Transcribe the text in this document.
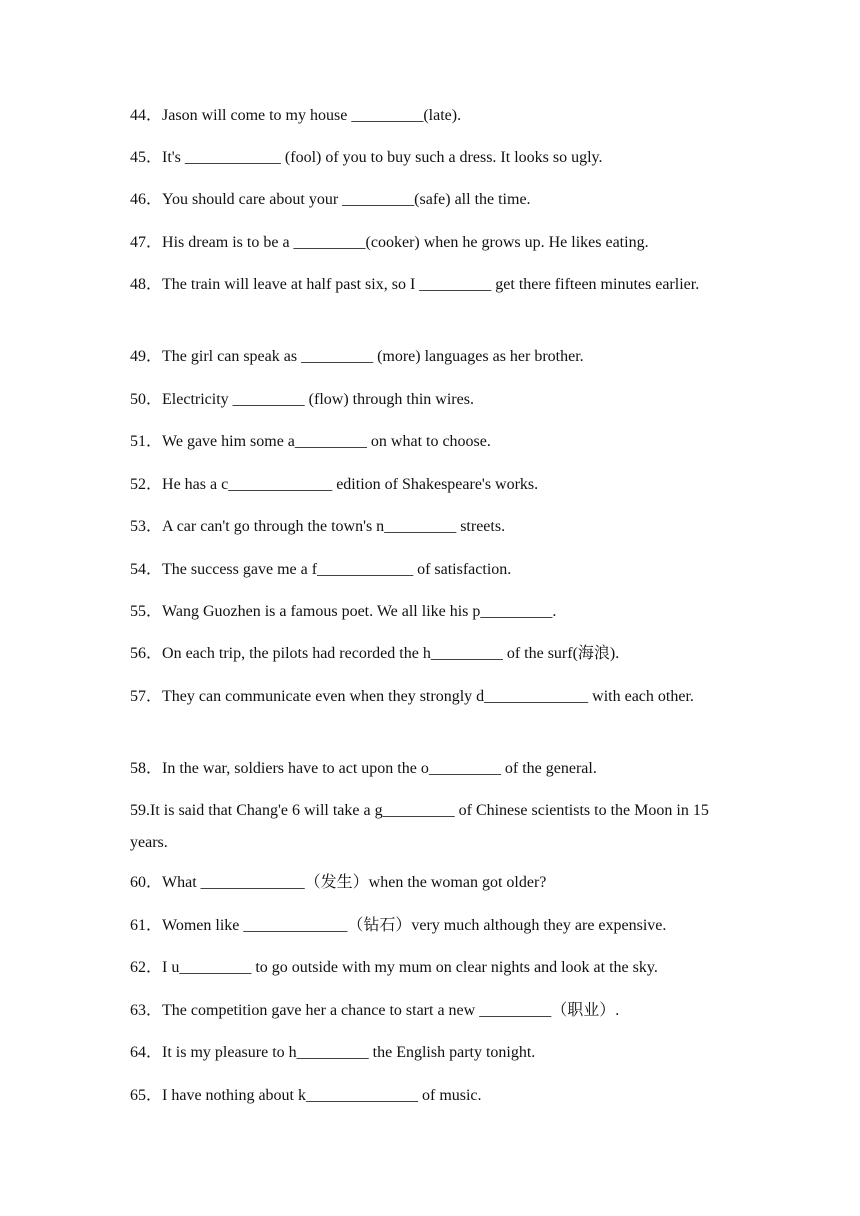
44．Jason will come to my house _________(late).
45．It's ____________ (fool) of you to buy such a dress. It looks so ugly.
46．You should care about your _________(safe) all the time.
47．His dream is to be a _________(cooker) when he grows up. He likes eating.
48．The train will leave at half past six, so I _________ get there fifteen minutes earlier.
49．The girl can speak as _________ (more) languages as her brother.
50．Electricity _________ (flow) through thin wires.
51．We gave him some a_________ on what to choose.
52．He has a c_____________ edition of Shakespeare's works.
53．A car can't go through the town's n_________ streets.
54．The success gave me a f____________ of satisfaction.
55．Wang Guozhen is a famous poet. We all like his p_________.
56．On each trip, the pilots had recorded the h_________ of the surf(海浪).
57．They can communicate even when they strongly d_____________ with each other.
58．In the war, soldiers have to act upon the o_________ of the general.
59.It is said that Chang'e 6 will take a g_________ of Chinese scientists to the Moon in 15 years.
60．What _____________（发生）when the woman got older?
61．Women like _____________（钻石）very much although they are expensive.
62．I u_________ to go outside with my mum on clear nights and look at the sky.
63．The competition gave her a chance to start a new _________（职业）.
64．It is my pleasure to h_________ the English party tonight.
65．I have nothing about k______________ of music.
